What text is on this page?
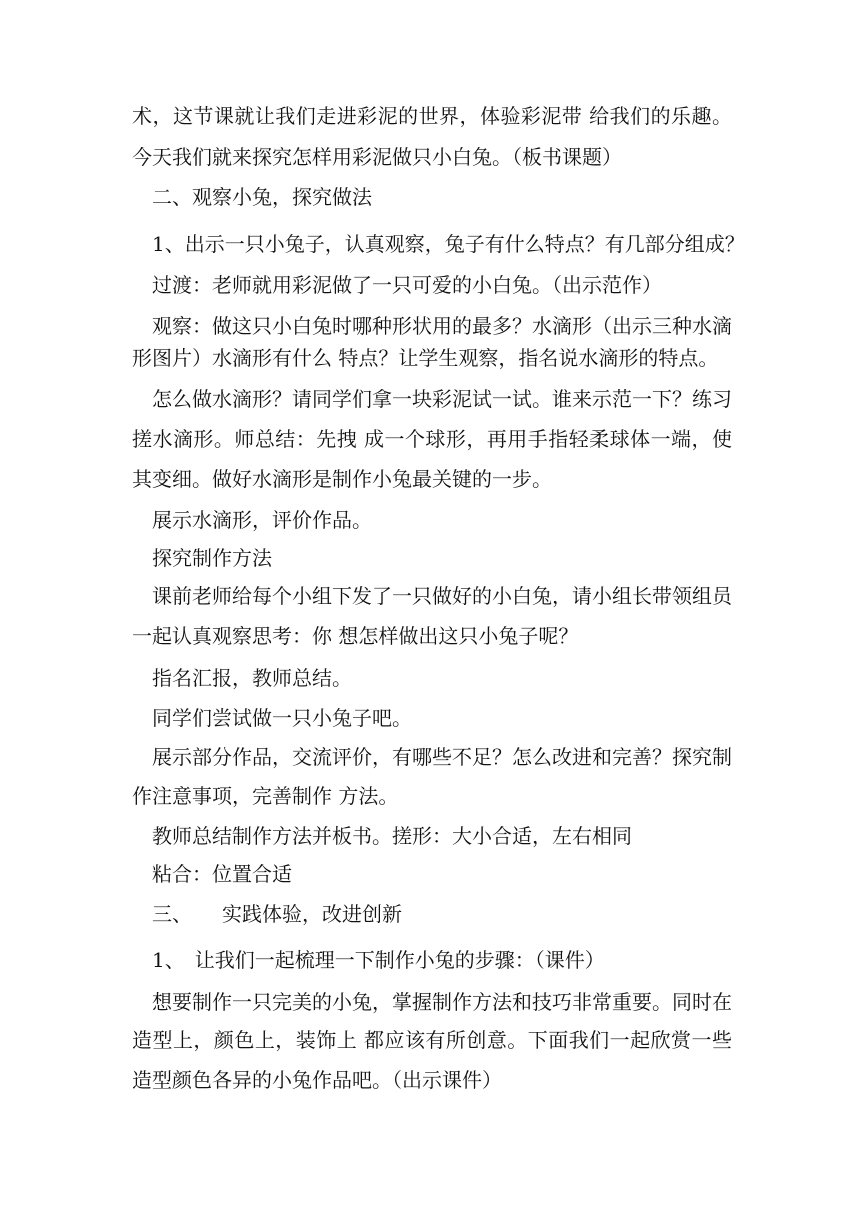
术，这节课就让我们走进彩泥的世界，体验彩泥带 给我们的乐趣。
今天我们就来探究怎样用彩泥做只小白兔。（板书课题）
　二、观察小兔，探究做法
　1、出示一只小兔子，认真观察，兔子有什么特点？有几部分组成？
　过渡：老师就用彩泥做了一只可爱的小白兔。（出示范作）
　观察：做这只小白兔时哪种形状用的最多？水滴形（出示三种水滴
形图片）水滴形有什么 特点？让学生观察，指名说水滴形的特点。
　怎么做水滴形？请同学们拿一块彩泥试一试。谁来示范一下？练习
搓水滴形。师总结：先拽 成一个球形，再用手指轻柔球体一端，使
其变细。做好水滴形是制作小兔最关键的一步。
　展示水滴形，评价作品。
　探究制作方法
　课前老师给每个小组下发了一只做好的小白兔，请小组长带领组员
一起认真观察思考：你 想怎样做出这只小兔子呢？
　指名汇报，教师总结。
　同学们尝试做一只小兔子吧。
　展示部分作品，交流评价，有哪些不足？怎么改进和完善？探究制
作注意事项，完善制作 方法。
　教师总结制作方法并板书。搓形：大小合适，左右相同
　粘合：位置合适
　三、　　实践体验，改进创新
　1、　让我们一起梳理一下制作小兔的步骤：（课件）
　想要制作一只完美的小兔，掌握制作方法和技巧非常重要。同时在
造型上，颜色上，装饰上 都应该有所创意。下面我们一起欣赏一些
造型颜色各异的小兔作品吧。（出示课件）
